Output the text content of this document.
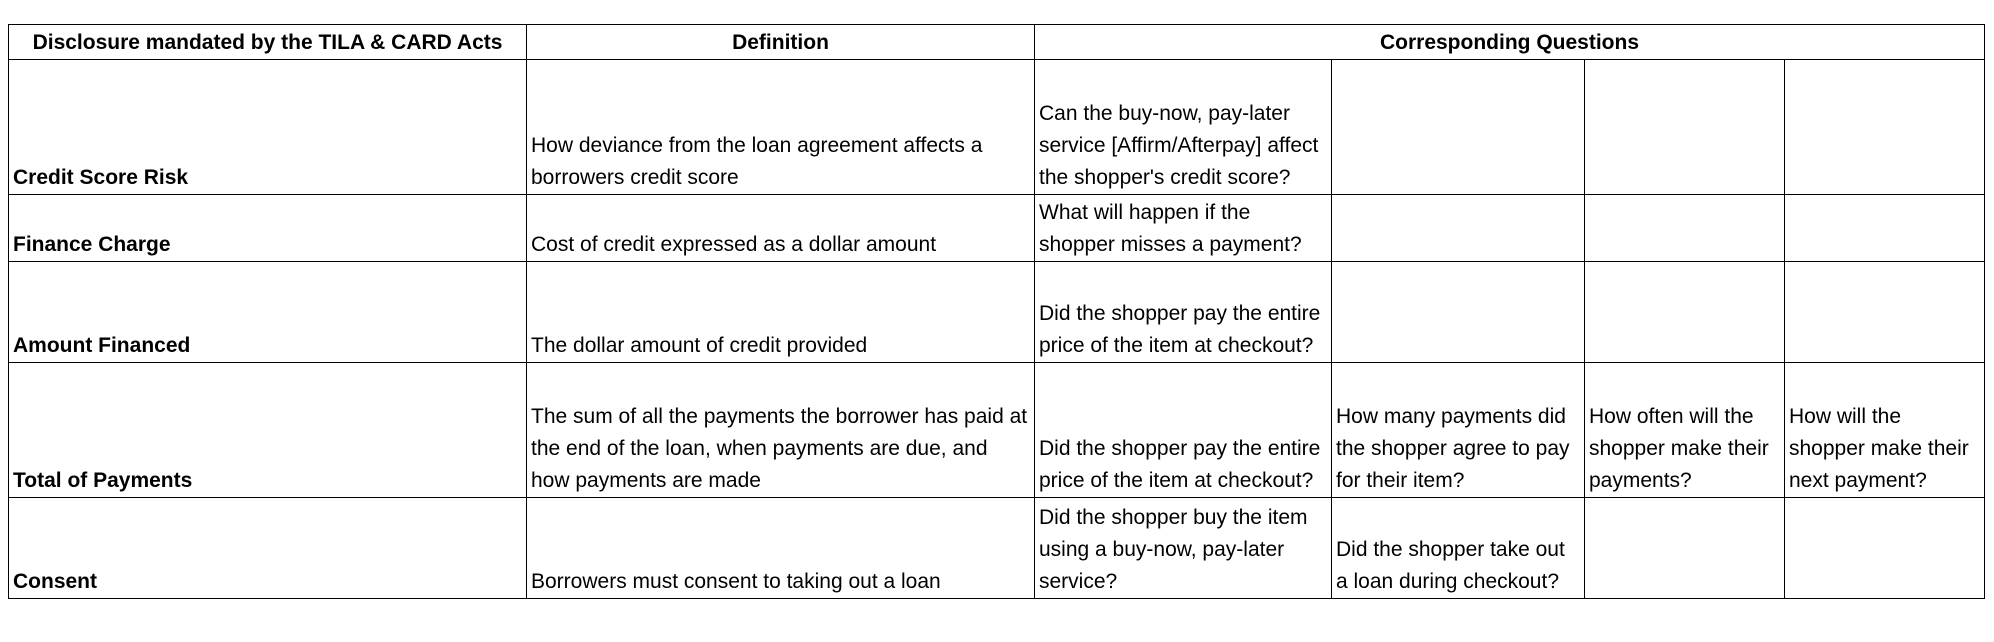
Disclosure mandated by the TILA & CARD Acts	Definition	Corresponding Questions			
Credit Score Risk	How deviance from the loan agreement affects a borrowers credit score	Can the buy-now, pay-later service [Affirm/Afterpay] affect the shopper's credit score?			
Finance Charge	Cost of credit expressed as a dollar amount	What will happen if the shopper misses a payment?			
Amount Financed	The dollar amount of credit provided	Did the shopper pay the entire price of the item at checkout?			
Total of Payments	The sum of all the payments the borrower has paid at the end of the loan, when payments are due, and how payments are made	Did the shopper pay the entire price of the item at checkout?	How many payments did the shopper agree to pay for their item?	How often will the shopper make their payments?	How will the shopper make their next payment?
Consent	Borrowers must consent to taking out a loan	Did the shopper buy the item using a buy-now, pay-later service?	Did the shopper take out a loan during checkout?		
